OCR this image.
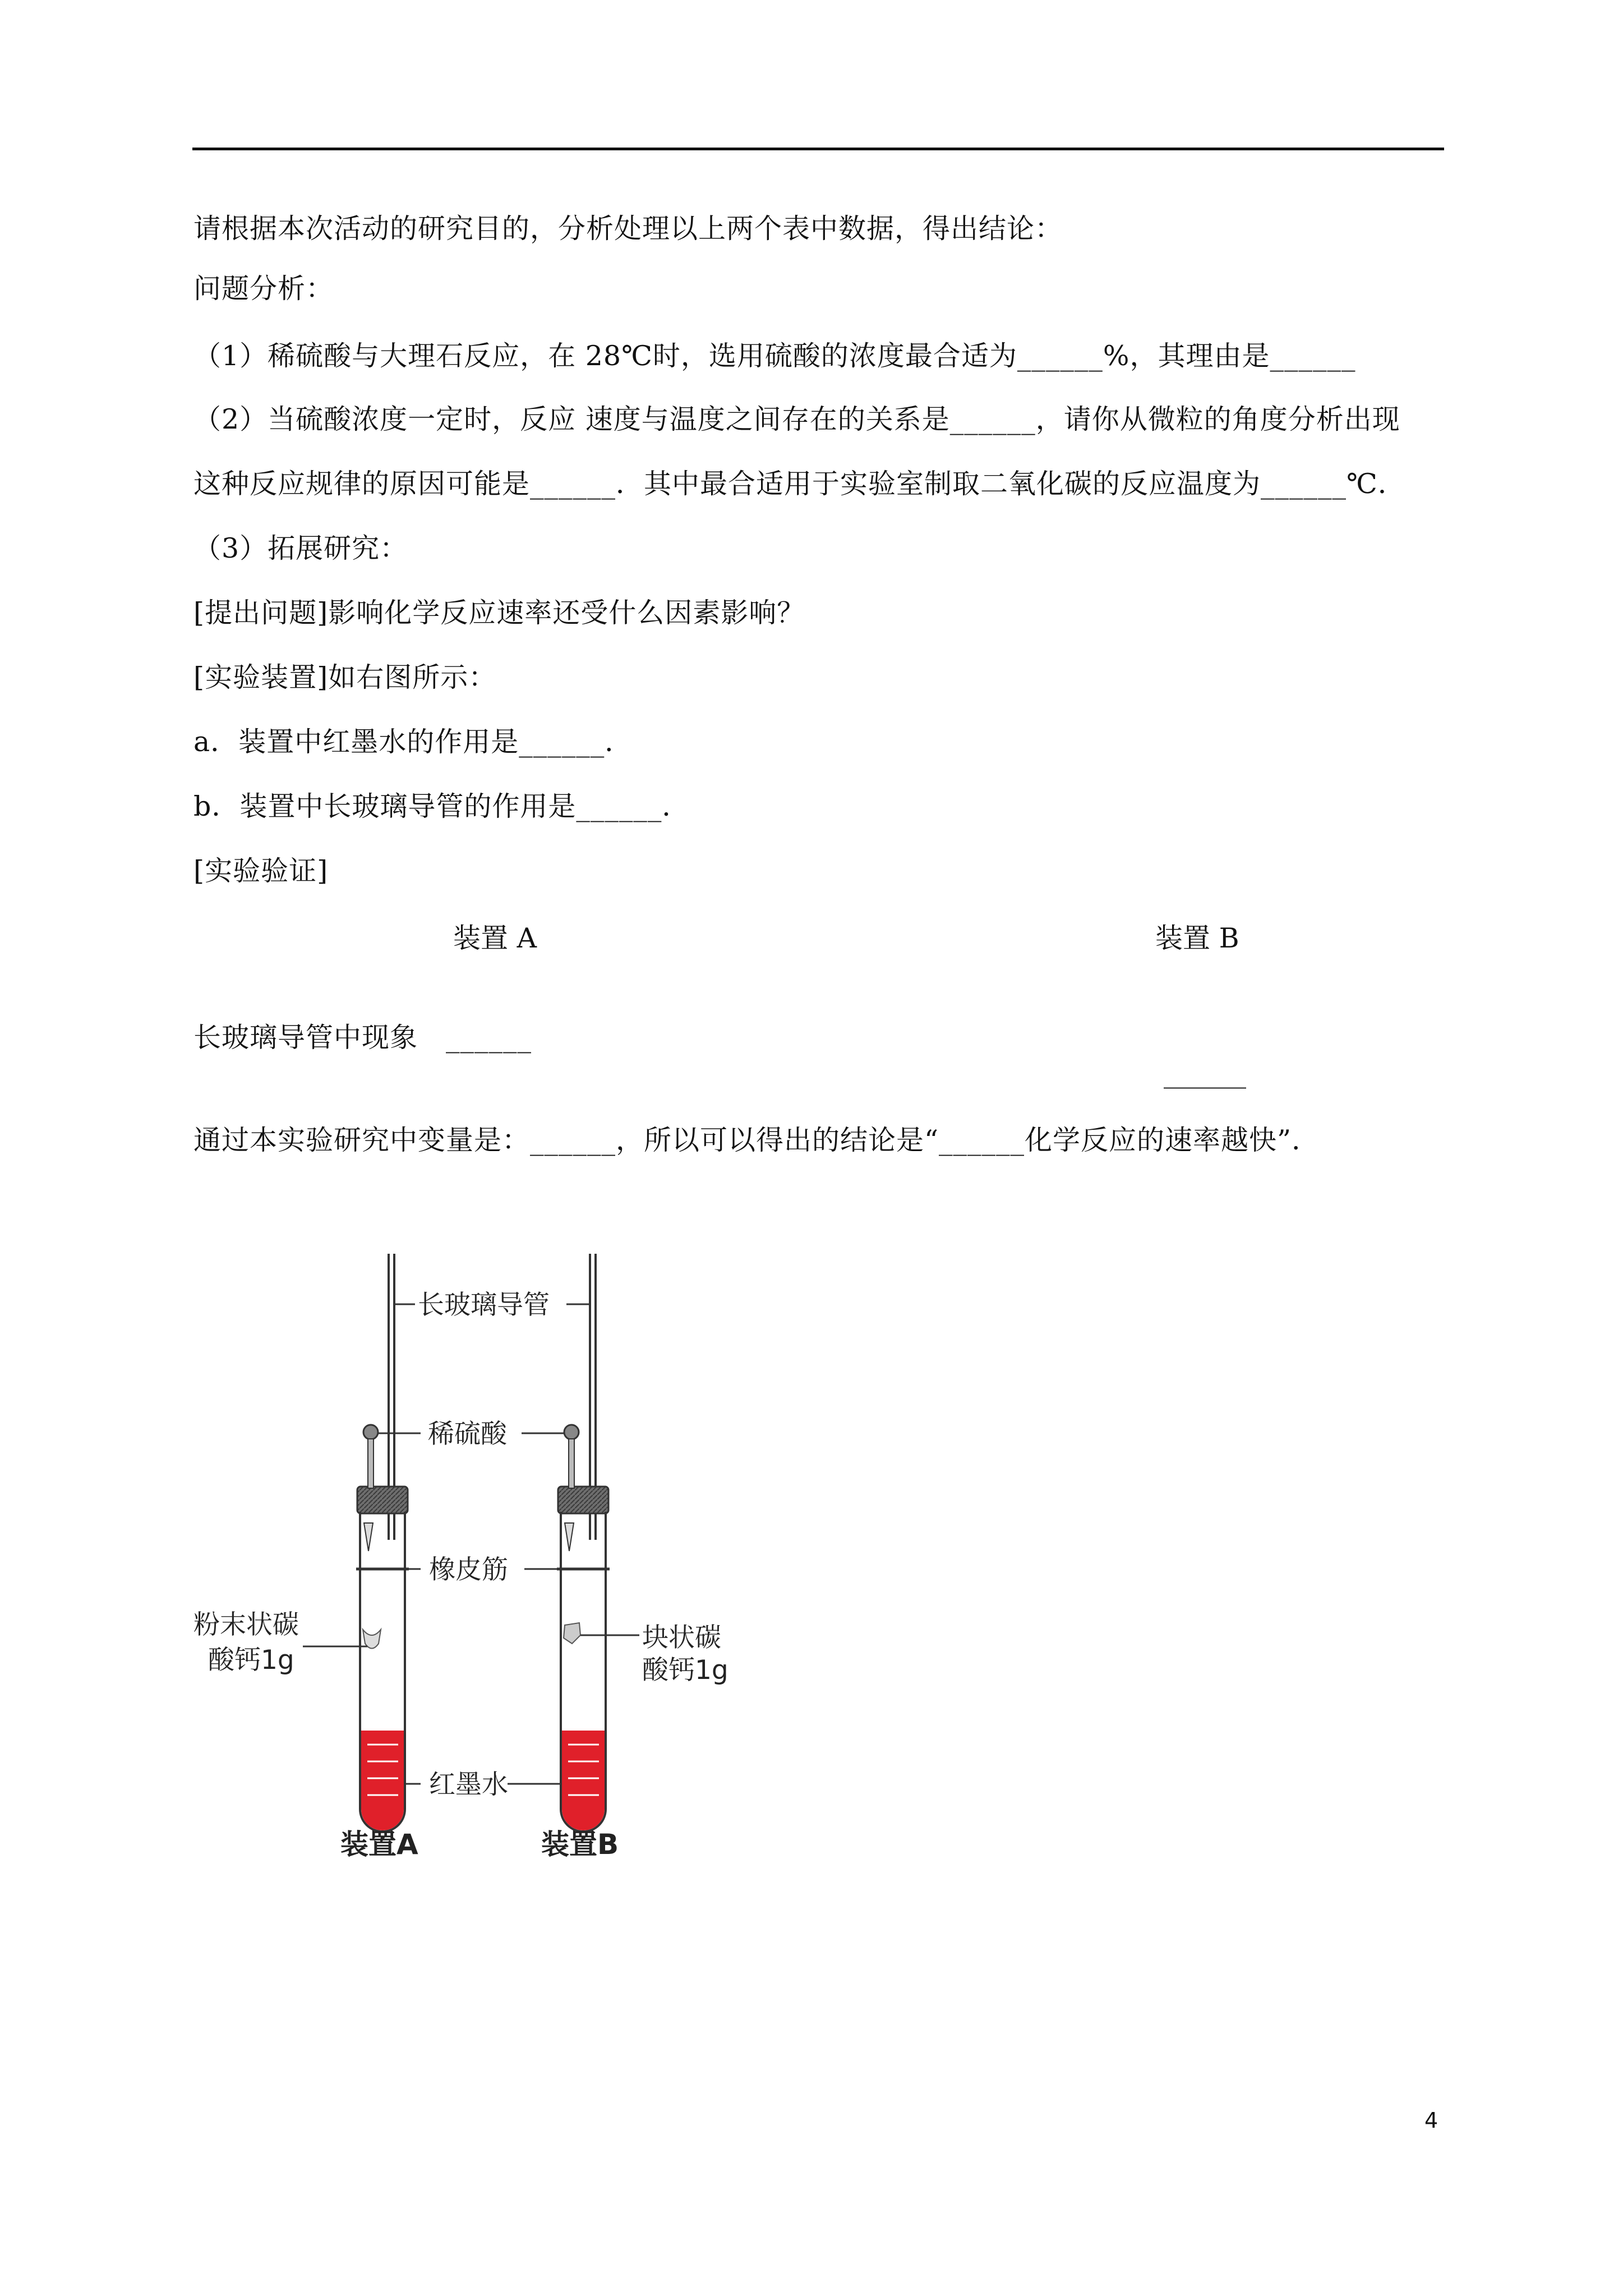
请根据本次活动的研究目的，分析处理以上两个表中数据，得出结论：
问题分析：
（1）稀硫酸与大理石反应，在 28℃时，选用硫酸的浓度最合适为______%，其理由是______
（2）当硫酸浓度一定时，反应 速度与温度之间存在的关系是______，请你从微粒的角度分析出现
这种反应规律的原因可能是______．其中最合适用于实验室制取二氧化碳的反应温度为______℃．
（3）拓展研究：
[提出问题]影响化学反应速率还受什么因素影响？
[实验装置]如右图所示：
a．装置中红墨水的作用是______．
b．装置中长玻璃导管的作用是______．
[实验验证]
装置 A	装置 B
长玻璃导管中现象　______
______
通过本实验研究中变量是：______，所以可以得出的结论是“______化学反应的速率越快”．
长玻璃导管
稀硫酸
橡皮筋
红墨水
粉末状碳
酸钙1g
块状碳
酸钙1g
装置A	装置B
4
